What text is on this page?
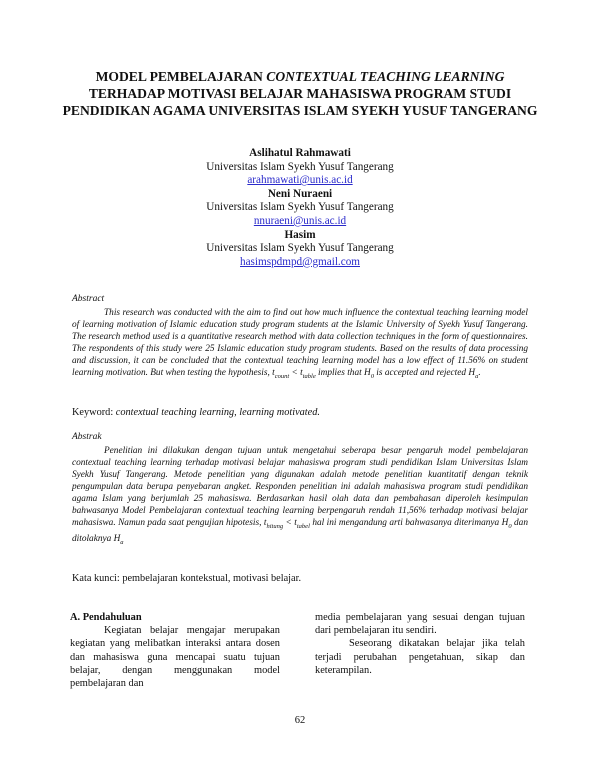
MODEL PEMBELAJARAN CONTEXTUAL TEACHING LEARNING
TERHADAP MOTIVASI BELAJAR MAHASISWA PROGRAM STUDI PENDIDIKAN AGAMA UNIVERSITAS ISLAM SYEKH YUSUF TANGERANG
Aslihatul Rahmawati
Universitas Islam Syekh Yusuf Tangerang
arahmawati@unis.ac.id
Neni Nuraeni
Universitas Islam Syekh Yusuf Tangerang
nnuraeni@unis.ac.id
Hasim
Universitas Islam Syekh Yusuf Tangerang
hasimspdmpd@gmail.com
Abstract
This research was conducted with the aim to find out how much influence the contextual teaching learning model of learning motivation of Islamic education study program students at the Islamic University of Syekh Yusuf Tangerang. The research method used is a quantitative research method with data collection techniques in the form of questionnaires. The respondents of this study were 25 Islamic education study program students. Based on the results of data processing and discussion, it can be concluded that the contextual teaching learning model has a low effect of 11.56% on student learning motivation. But when testing the hypothesis, $t_{count} < t_{table}$ implies that $H_0$ is accepted and rejected $H_a$.
Keyword: contextual teaching learning, learning motivated.
Abstrak
Penelitian ini dilakukan dengan tujuan untuk mengetahui seberapa besar pengaruh model pembelajaran contextual teaching learning terhadap motivasi belajar mahasiswa program studi pendidikan Islam Universitas Islam Syekh Yusuf Tangerang. Metode penelitian yang digunakan adalah metode penelitian kuantitatif dengan teknik pengumpulan data berupa penyebaran angket. Responden penelitian ini adalah mahasiswa program studi pendidikan agama Islam yang berjumlah 25 mahasiswa. Berdasarkan hasil olah data dan pembahasan diperoleh kesimpulan bahwasanya Model Pembelajaran contextual teaching learning berpengaruh rendah 11,56% terhadap motivasi belajar mahasiswa. Namun pada saat pengujian hipotesis, $t_{hitung} < t_{tabel}$ hal ini mengandung arti bahwasanya diterimanya $H_0$ dan ditolaknya $H_a$
Kata kunci: pembelajaran kontekstual, motivasi belajar.
A. Pendahuluan
Kegiatan belajar mengajar merupakan kegiatan yang melibatkan interaksi antara dosen dan mahasiswa guna mencapai suatu tujuan belajar, dengan menggunakan model pembelajaran dan
media pembelajaran yang sesuai dengan tujuan dari pembelajaran itu sendiri.
Seseorang dikatakan belajar jika telah terjadi perubahan pengetahuan, sikap dan keterampilan.
62
